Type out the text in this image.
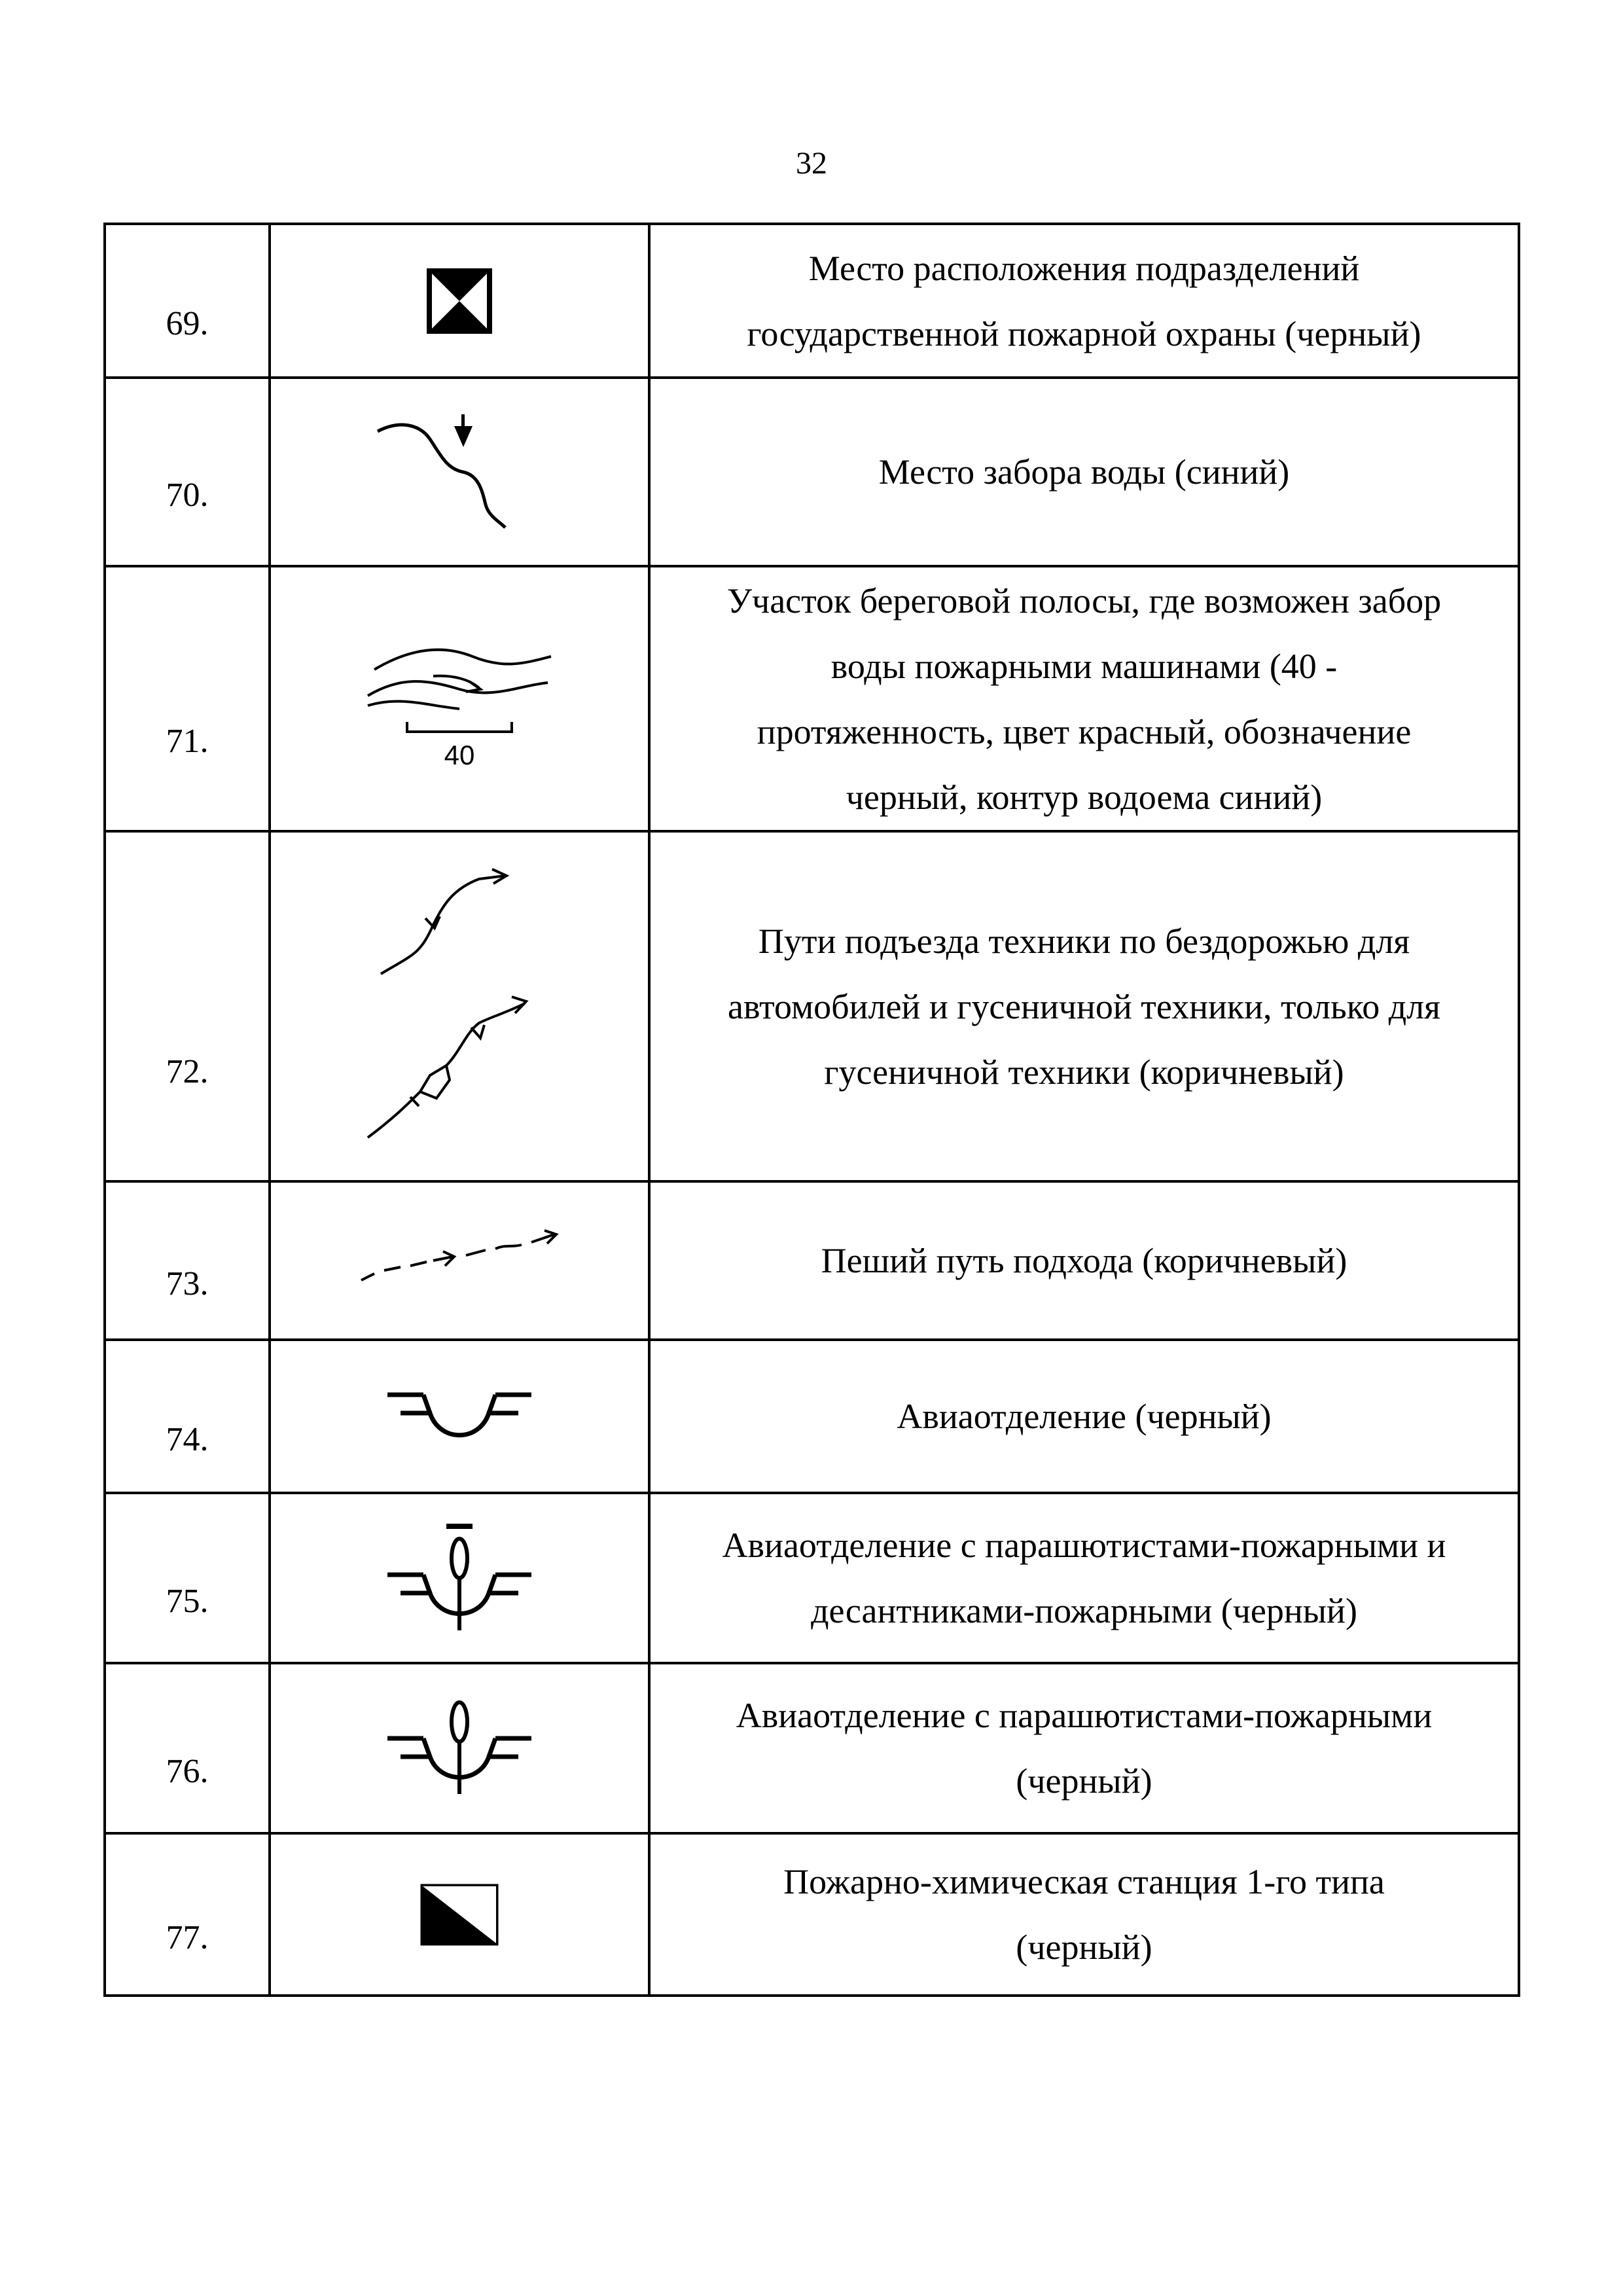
32
69.		Место расположения подразделений
государственной пожарной охраны (черный)

70.		Место забора воды (синий)

71.	40	Участок береговой полосы, где возможен забор
воды пожарными машинами (40 -
протяженность, цвет красный, обозначение
черный, контур водоема синий)

72.		Пути подъезда техники по бездорожью для
автомобилей и гусеничной техники, только для
гусеничной техники (коричневый)

73.		Пеший путь подхода (коричневый)

74.		Авиаотделение (черный)

75.		Авиаотделение с парашютистами-пожарными и
десантниками-пожарными (черный)

76.		Авиаотделение с парашютистами-пожарными
(черный)

77.		Пожарно-химическая станция 1-го типа
(черный)
